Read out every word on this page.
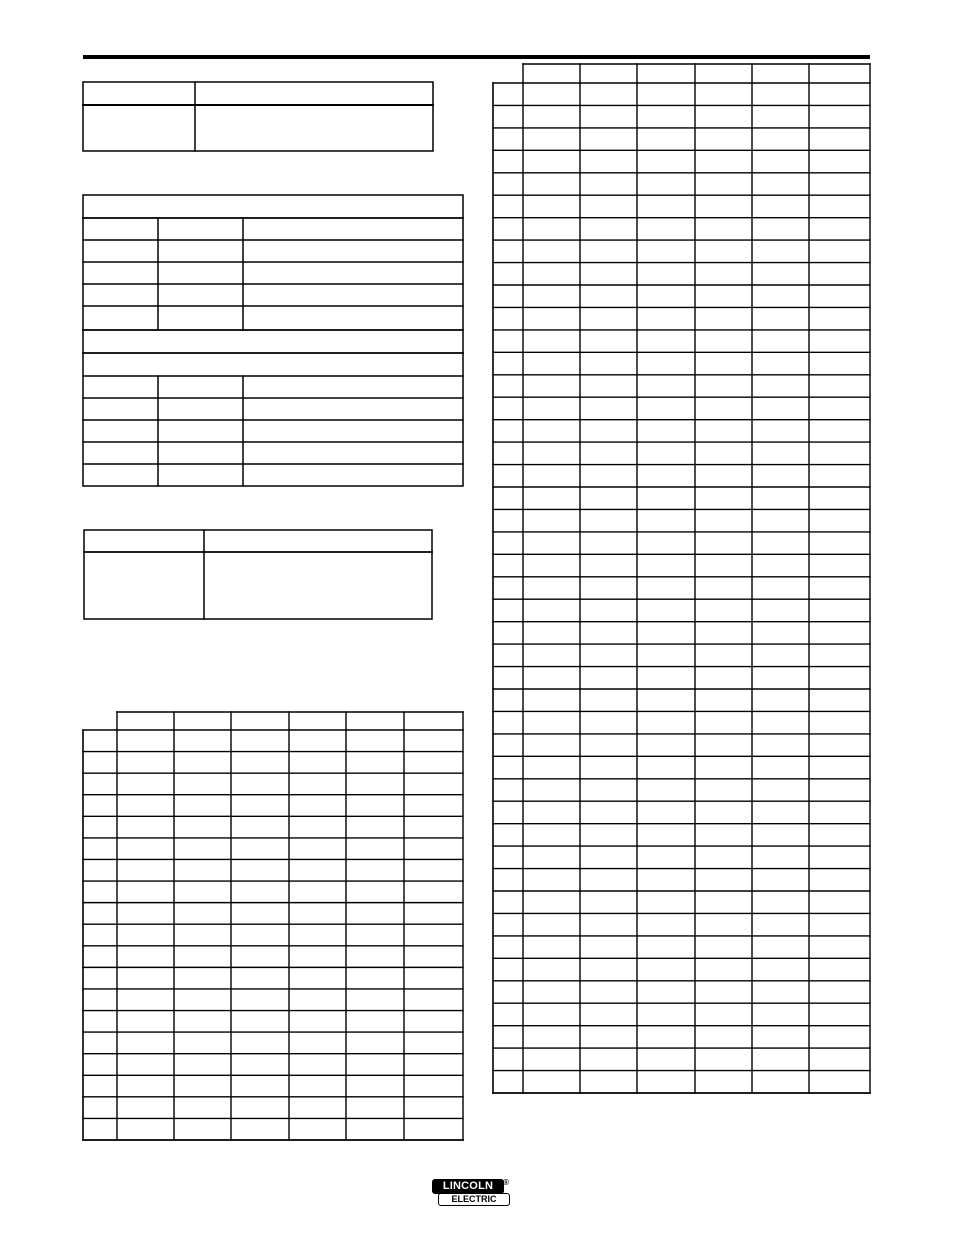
LINCOLN
ELECTRIC
®
